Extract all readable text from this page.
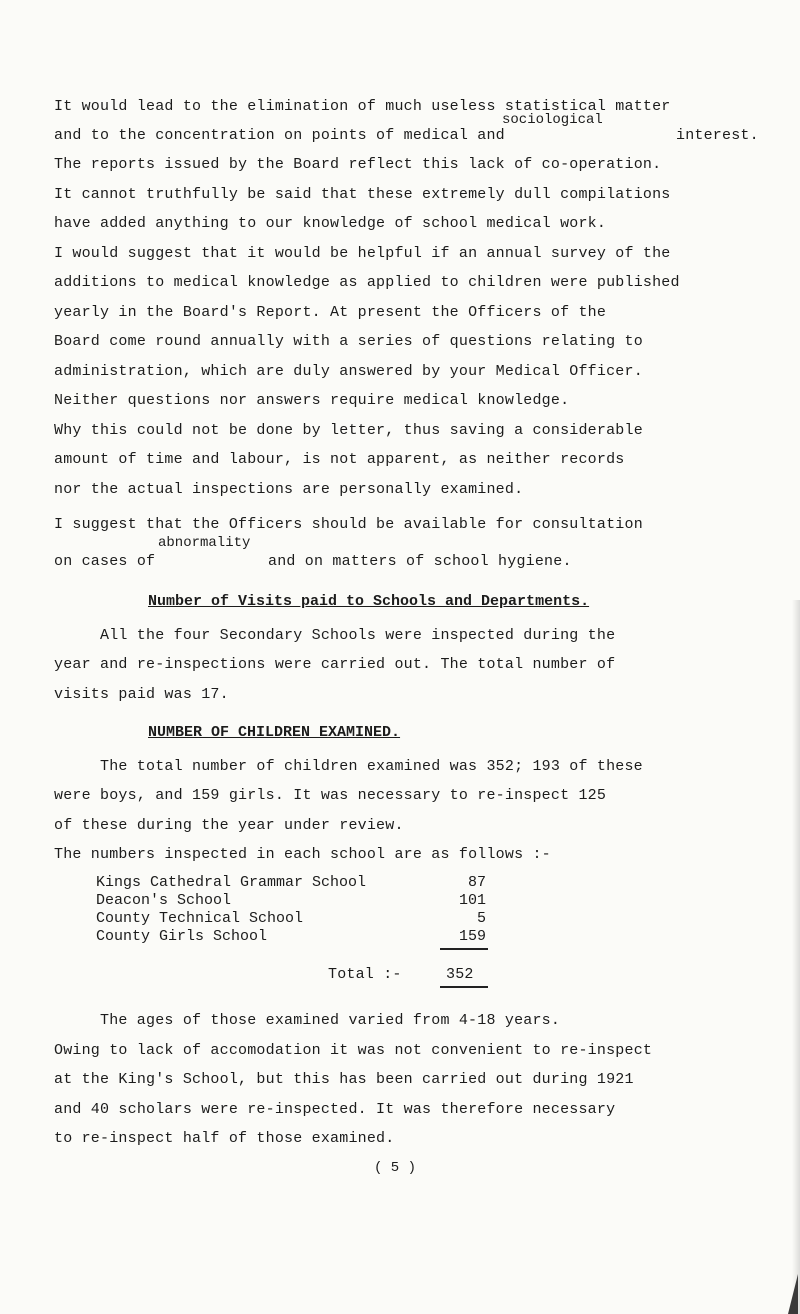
It would lead to the elimination of much useless statistical matter
sociological
and to the concentration on points of medical and	interest.
The reports issued by the Board reflect this lack of co-operation.
It cannot truthfully be said that these extremely dull compilations
have added anything to our knowledge of school medical work.
I would suggest that it would be helpful if an annual survey of the
additions to medical knowledge as applied to children were published
yearly in the Board's Report. At present the Officers of the
Board come round annually with a series of questions relating to
administration, which are duly answered by your Medical Officer.
Neither questions nor answers require medical knowledge.
Why this could not be done by letter, thus saving a considerable
amount of time and labour, is not apparent, as neither records
nor the actual inspections are personally examined.
I suggest that the Officers should be available for consultation
abnormality
on cases of	and on matters of school hygiene.
Number of Visits paid to Schools and Departments.
All the four Secondary Schools were inspected during the
year and re-inspections were carried out. The total number of
visits paid was 17.
NUMBER OF CHILDREN EXAMINED.
The total number of children examined was 352; 193 of these
were boys, and 159 girls. It was necessary to re-inspect 125
of these during the year under review.
The numbers inspected in each school are as follows :-
Kings Cathedral Grammar School	87
Deacon's School	101
County Technical School	5
County Girls School	159
Total :-	352
The ages of those examined varied from 4-18 years.
Owing to lack of accomodation it was not convenient to re-inspect
at the King's School, but this has been carried out during 1921
and 40 scholars were re-inspected. It was therefore necessary
to re-inspect half of those examined.
( 5 )
